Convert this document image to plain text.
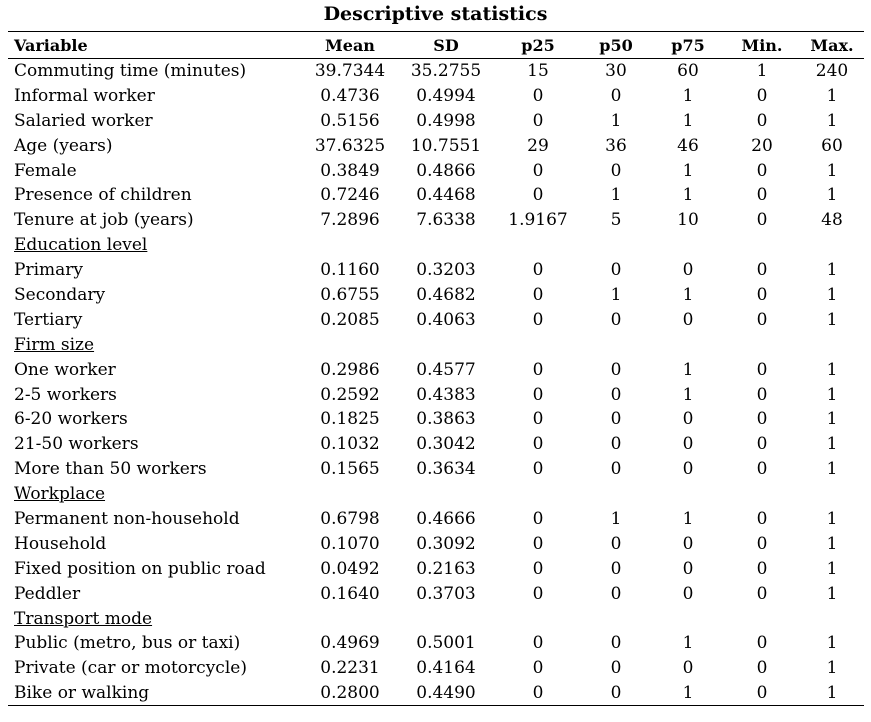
Descriptive statistics
Variable	Mean	SD	p25	p50	p75	Min.	Max.
Commuting time (minutes)	39.7344	35.2755	15	30	60	1	240
Informal worker	0.4736	0.4994	0	0	1	0	1
Salaried worker	0.5156	0.4998	0	1	1	0	1
Age (years)	37.6325	10.7551	29	36	46	20	60
Female	0.3849	0.4866	0	0	1	0	1
Presence of children	0.7246	0.4468	0	1	1	0	1
Tenure at job (years)	7.2896	7.6338	1.9167	5	10	0	48
Education level							
Primary	0.1160	0.3203	0	0	0	0	1
Secondary	0.6755	0.4682	0	1	1	0	1
Tertiary	0.2085	0.4063	0	0	0	0	1
Firm size							
One worker	0.2986	0.4577	0	0	1	0	1
2-5 workers	0.2592	0.4383	0	0	1	0	1
6-20 workers	0.1825	0.3863	0	0	0	0	1
21-50 workers	0.1032	0.3042	0	0	0	0	1
More than 50 workers	0.1565	0.3634	0	0	0	0	1
Workplace							
Permanent non-household	0.6798	0.4666	0	1	1	0	1
Household	0.1070	0.3092	0	0	0	0	1
Fixed position on public road	0.0492	0.2163	0	0	0	0	1
Peddler	0.1640	0.3703	0	0	0	0	1
Transport mode							
Public (metro, bus or taxi)	0.4969	0.5001	0	0	1	0	1
Private (car or motorcycle)	0.2231	0.4164	0	0	0	0	1
Bike or walking	0.2800	0.4490	0	0	1	0	1
